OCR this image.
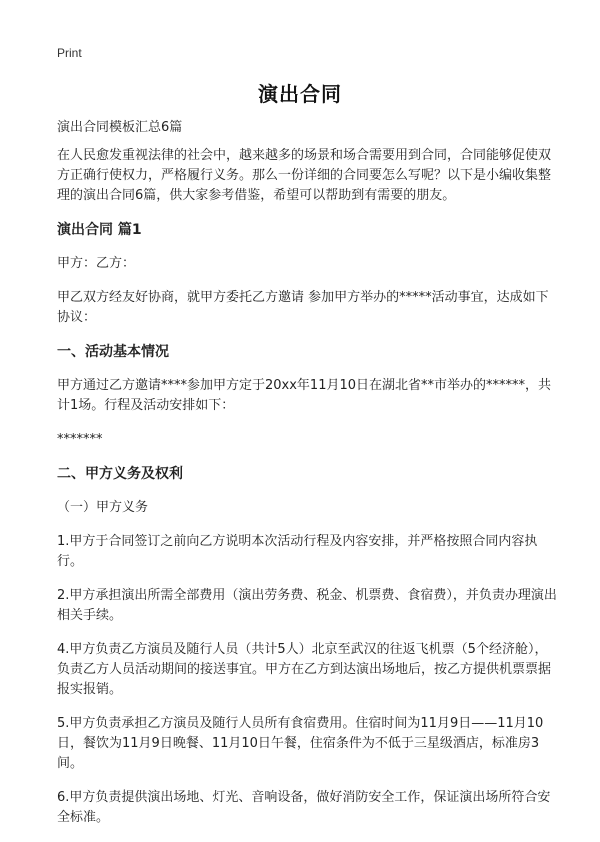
Print
演出合同

演出合同模板汇总6篇

在人民愈发重视法律的社会中，越来越多的场景和场合需要用到合同，合同能够促使双方正确行使权力，严格履行义务。那么一份详细的合同要怎么写呢？以下是小编收集整理的演出合同6篇，供大家参考借鉴，希望可以帮助到有需要的朋友。

演出合同 篇1

甲方：乙方：

甲乙双方经友好协商，就甲方委托乙方邀请 参加甲方举办的*****活动事宜，达成如下协议：

一、活动基本情况

甲方通过乙方邀请****参加甲方定于20xx年11月10日在湖北省**市举办的******，共计1场。行程及活动安排如下：

*******

二、甲方义务及权利

（一）甲方义务

1.甲方于合同签订之前向乙方说明本次活动行程及内容安排，并严格按照合同内容执行。

2.甲方承担演出所需全部费用（演出劳务费、税金、机票费、食宿费），并负责办理演出相关手续。

4.甲方负责乙方演员及随行人员（共计5人）北京至武汉的往返飞机票（5个经济舱），负责乙方人员活动期间的接送事宜。甲方在乙方到达演出场地后，按乙方提供机票票据报实报销。

5.甲方负责承担乙方演员及随行人员所有食宿费用。住宿时间为11月9日——11月10日，餐饮为11月9日晚餐、11月10日午餐，住宿条件为不低于三星级酒店，标准房3间。

6.甲方负责提供演出场地、灯光、音响设备，做好消防安全工作，保证演出场所符合安全标准。
